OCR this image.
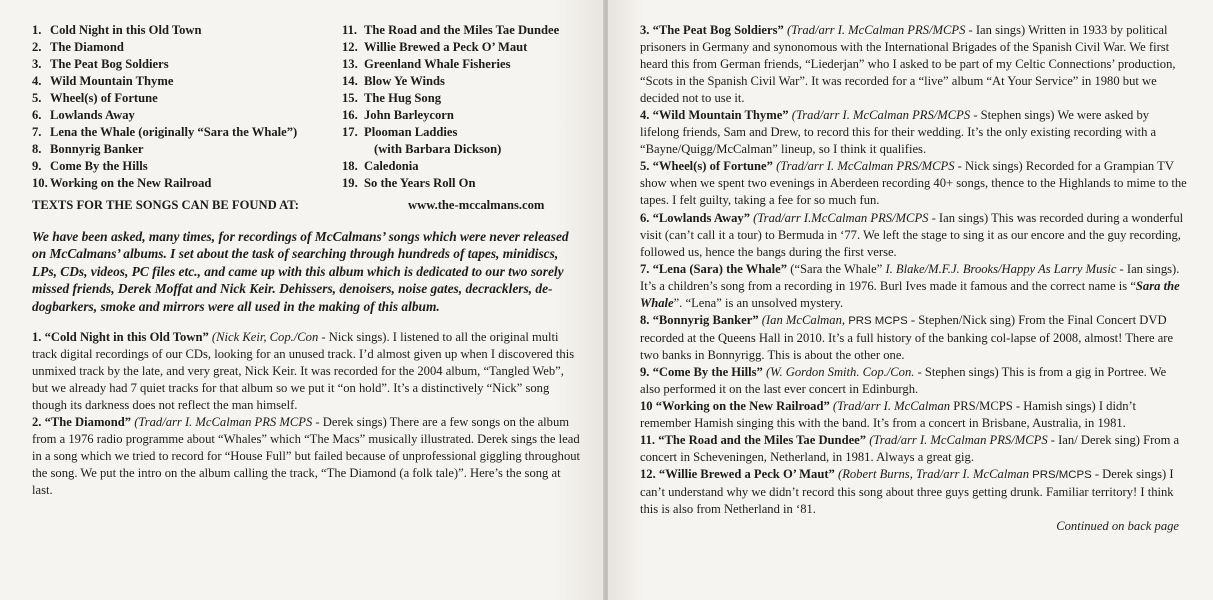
1. Cold Night in this Old Town
2. The Diamond
3. The Peat Bog Soldiers
4. Wild Mountain Thyme
5. Wheel(s) of Fortune
6. Lowlands Away
7. Lena the Whale (originally “Sara the Whale”)
8. Bonnyrig Banker
9. Come By the Hills
10. Working on the New Railroad
11. The Road and the Miles Tae Dundee
12. Willie Brewed a Peck O’ Maut
13. Greenland Whale Fisheries
14. Blow Ye Winds
15. The Hug Song
16. John Barleycorn
17. Plooman Laddies
(with Barbara Dickson)
18. Caledonia
19. So the Years Roll On
TEXTS FOR THE SONGS CAN BE FOUND AT:	www.the-mccalmans.com

We have been asked, many times, for recordings of McCalmans’ songs which were never released on McCalmans’ albums. I set about the task of searching through hundreds of tapes, minidiscs, LPs, CDs, videos, PC files etc., and came up with this album which is dedicated to our two sorely missed friends, Derek Moffat and Nick Keir. Dehissers, denoisers, noise gates, decracklers, de-dogbarkers, smoke and mirrors were all used in the making of this album.

1. “Cold Night in this Old Town” (Nick Keir, Cop./Con - Nick sings). I listened to all the original multi track digital recordings of our CDs, looking for an unused track. I’d almost given up when I discovered this unmixed track by the late, and very great, Nick Keir. It was recorded for the 2004 album, “Tangled Web”, but we already had 7 quiet tracks for that album so we put it “on hold”. It’s a distinctively “Nick” song though its darkness does not reflect the man himself.

2. “The Diamond” (Trad/arr I. McCalman PRS MCPS - Derek sings) There are a few songs on the album from a 1976 radio programme about “Whales” which “The Macs” musically illustrated. Derek sings the lead in a song which we tried to record for “House Full” but failed because of unprofessional giggling throughout the song. We put the intro on the album calling the track, “The Diamond (a folk tale)”. Here’s the song at last.

3. “The Peat Bog Soldiers” (Trad/arr I. McCalman PRS/MCPS - Ian sings) Written in 1933 by political prisoners in Germany and synonomous with the International Brigades of the Spanish Civil War. We first heard this from German friends, “Liederjan” who I asked to be part of my Celtic Connections’ production, “Scots in the Spanish Civil War”. It was recorded for a “live” album “At Your Service” in 1980 but we decided not to use it.

4. “Wild Mountain Thyme” (Trad/arr I. McCalman PRS/MCPS - Stephen sings) We were asked by lifelong friends, Sam and Drew, to record this for their wedding. It’s the only existing recording with a “Bayne/Quigg/McCalman” lineup, so I think it qualifies.

5. “Wheel(s) of Fortune” (Trad/arr I. McCalman PRS/MCPS - Nick sings) Recorded for a Grampian TV show when we spent two evenings in Aberdeen recording 40+ songs, thence to the Highlands to mime to the tapes. I felt guilty, taking a fee for so much fun.

6. “Lowlands Away” (Trad/arr I.McCalman PRS/MCPS - Ian sings) This was recorded during a wonderful visit (can’t call it a tour) to Bermuda in ‘77. We left the stage to sing it as our encore and the guy recording, followed us, hence the bangs during the first verse.

7. “Lena (Sara) the Whale” (“Sara the Whale” I. Blake/M.F.J. Brooks/Happy As Larry Music - Ian sings). It’s a children’s song from a recording in 1976. Burl Ives made it famous and the correct name is “Sara the Whale”. “Lena” is an unsolved mystery.

8. “Bonnyrig Banker” (Ian McCalman, PRS MCPS - Stephen/Nick sing) From the Final Concert DVD recorded at the Queens Hall in 2010. It’s a full history of the banking col-lapse of 2008, almost! There are two banks in Bonnyrigg. This is about the other one.

9. “Come By the Hills” (W. Gordon Smith. Cop./Con. - Stephen sings) This is from a gig in Portree. We also performed it on the last ever concert in Edinburgh.

10 “Working on the New Railroad” (Trad/arr I. McCalman PRS/MCPS - Hamish sings) I didn’t remember Hamish singing this with the band. It’s from a concert in Brisbane, Australia, in 1981.

11. “The Road and the Miles Tae Dundee” (Trad/arr I. McCalman PRS/MCPS - Ian/ Derek sing) From a concert in Scheveningen, Netherland, in 1981. Always a great gig.

12. “Willie Brewed a Peck O’ Maut” (Robert Burns, Trad/arr I. McCalman PRS/MCPS - Derek sings) I can’t understand why we didn’t record this song about three guys getting drunk. Familiar territory! I think this is also from Netherland in ‘81.

Continued on back page
